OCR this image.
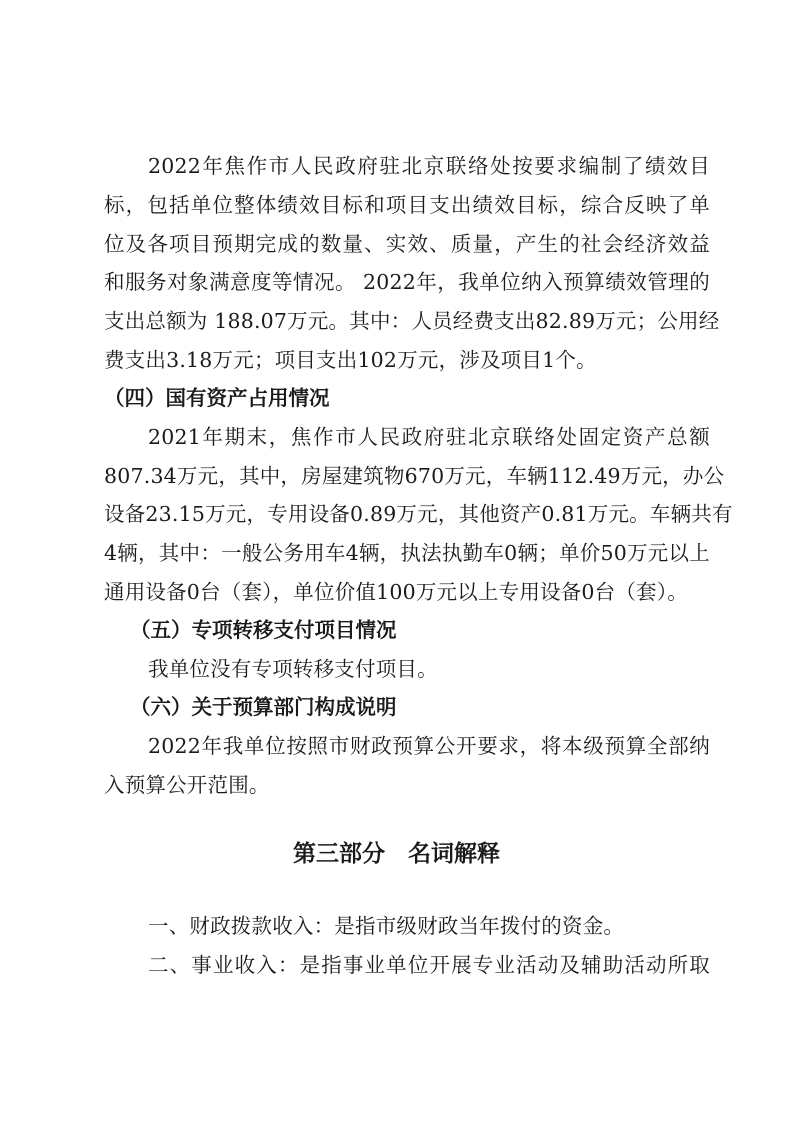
2022年焦作市人民政府驻北京联络处按要求编制了绩效目
标，包括单位整体绩效目标和项目支出绩效目标，综合反映了单
位及各项目预期完成的数量、实效、质量，产生的社会经济效益
和服务对象满意度等情况。 2022年，我单位纳入预算绩效管理的
支出总额为 188.07万元。其中：人员经费支出82.89万元；公用经
费支出3.18万元；项目支出102万元，涉及项目1个。
（四）国有资产占用情况
2021年期末，焦作市人民政府驻北京联络处固定资产总额
807.34万元，其中，房屋建筑物670万元，车辆112.49万元，办公
设备23.15万元，专用设备0.89万元，其他资产0.81万元。车辆共有
4辆，其中：一般公务用车4辆，执法执勤车0辆；单价50万元以上
通用设备0台（套），单位价值100万元以上专用设备0台（套）。
（五）专项转移支付项目情况
我单位没有专项转移支付项目。
（六）关于预算部门构成说明
2022年我单位按照市财政预算公开要求，将本级预算全部纳
入预算公开范围。
第三部分　名词解释
一、财政拨款收入：是指市级财政当年拨付的资金。
二、事业收入：是指事业单位开展专业活动及辅助活动所取
